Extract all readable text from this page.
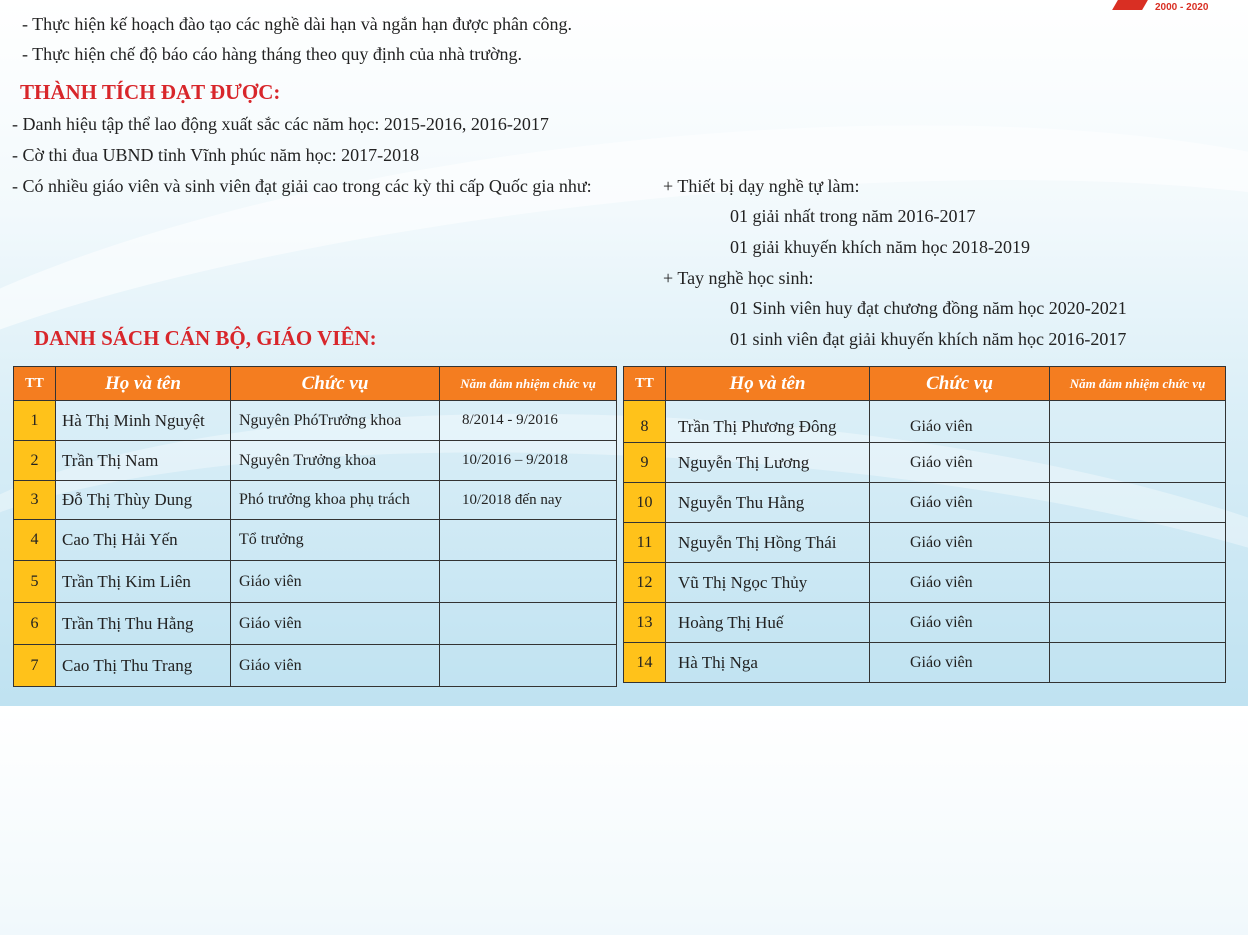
2000 - 2020
- Thực hiện kế hoạch đào tạo các nghề dài hạn và ngắn hạn được phân công.
- Thực hiện chế độ báo cáo hàng tháng theo quy định của nhà trường.
THÀNH TÍCH ĐẠT ĐƯỢC:
- Danh hiệu tập thể lao động xuất sắc các năm học: 2015-2016, 2016-2017
- Cờ thi đua UBND tỉnh Vĩnh phúc năm học: 2017-2018
- Có nhiều giáo viên và sinh viên đạt giải cao trong các kỳ thi cấp Quốc gia như:	+ Thiết bị dạy nghề tự làm:
01 giải nhất trong năm 2016-2017
01 giải khuyến khích năm học 2018-2019
+ Tay nghề học sinh:
01 Sinh viên huy đạt chương đồng năm học 2020-2021
01 sinh viên đạt giải khuyến khích năm học 2016-2017
DANH SÁCH CÁN BỘ, GIÁO VIÊN:
TT	Họ và tên	Chức vụ	Năm đảm nhiệm chức vụ
1	Hà Thị Minh Nguyệt	Nguyên PhóTrưởng khoa	8/2014 - 9/2016
2	Trần Thị Nam	Nguyên Trưởng khoa	10/2016 – 9/2018
3	Đỗ Thị Thùy Dung	Phó trưởng khoa phụ trách	10/2018 đến nay
4	Cao Thị Hải Yến	Tổ trưởng	
5	Trần Thị Kim Liên	Giáo viên	
6	Trần Thị Thu Hằng	Giáo viên	
7	Cao Thị Thu Trang	Giáo viên	
TT	Họ và tên	Chức vụ	Năm đảm nhiệm chức vụ
8	Trần Thị Phương Đông	Giáo viên	
9	Nguyễn Thị Lương	Giáo viên	
10	Nguyễn Thu Hằng	Giáo viên	
11	Nguyễn Thị Hồng Thái	Giáo viên	
12	Vũ Thị Ngọc Thủy	Giáo viên	
13	Hoàng Thị Huế	Giáo viên	
14	Hà Thị Nga	Giáo viên	
